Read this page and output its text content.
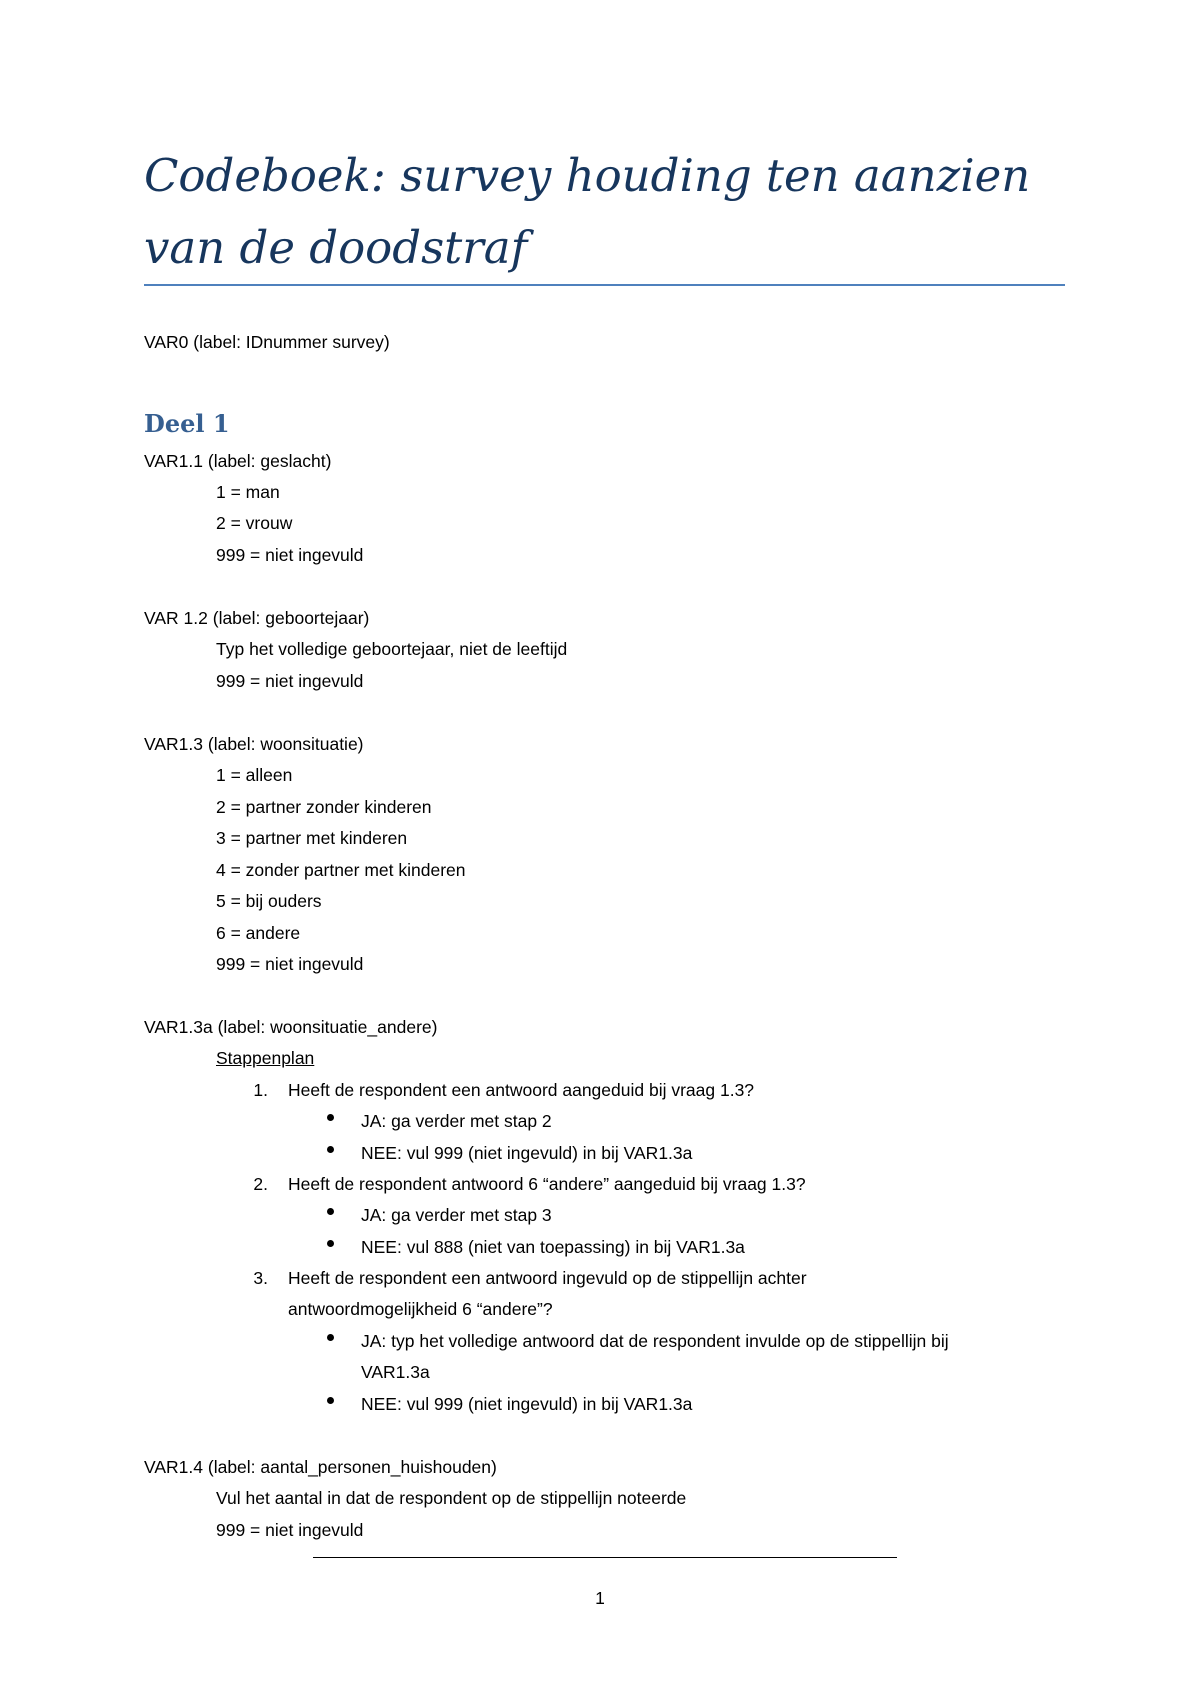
Codeboek: survey houding ten aanzien
van de doodstraf
VAR0 (label: IDnummer survey)
Deel 1
VAR1.1 (label: geslacht)
1 = man
2 = vrouw
999 = niet ingevuld
VAR 1.2 (label: geboortejaar)
Typ het volledige geboortejaar, niet de leeftijd
999 = niet ingevuld
VAR1.3 (label: woonsituatie)
1 = alleen
2 = partner zonder kinderen
3 = partner met kinderen
4 = zonder partner met kinderen
5 = bij ouders
6 = andere
999 = niet ingevuld
VAR1.3a (label: woonsituatie_andere)
Stappenplan
1. Heeft de respondent een antwoord aangeduid bij vraag 1.3?
JA: ga verder met stap 2
NEE: vul 999 (niet ingevuld) in bij VAR1.3a
2. Heeft de respondent antwoord 6 “andere” aangeduid bij vraag 1.3?
JA: ga verder met stap 3
NEE: vul 888 (niet van toepassing) in bij VAR1.3a
3. Heeft de respondent een antwoord ingevuld op de stippellijn achter
antwoordmogelijkheid 6 “andere”?
JA: typ het volledige antwoord dat de respondent invulde op de stippellijn bij
VAR1.3a
NEE: vul 999 (niet ingevuld) in bij VAR1.3a
VAR1.4 (label: aantal_personen_huishouden)
Vul het aantal in dat de respondent op de stippellijn noteerde
999 = niet ingevuld
1
